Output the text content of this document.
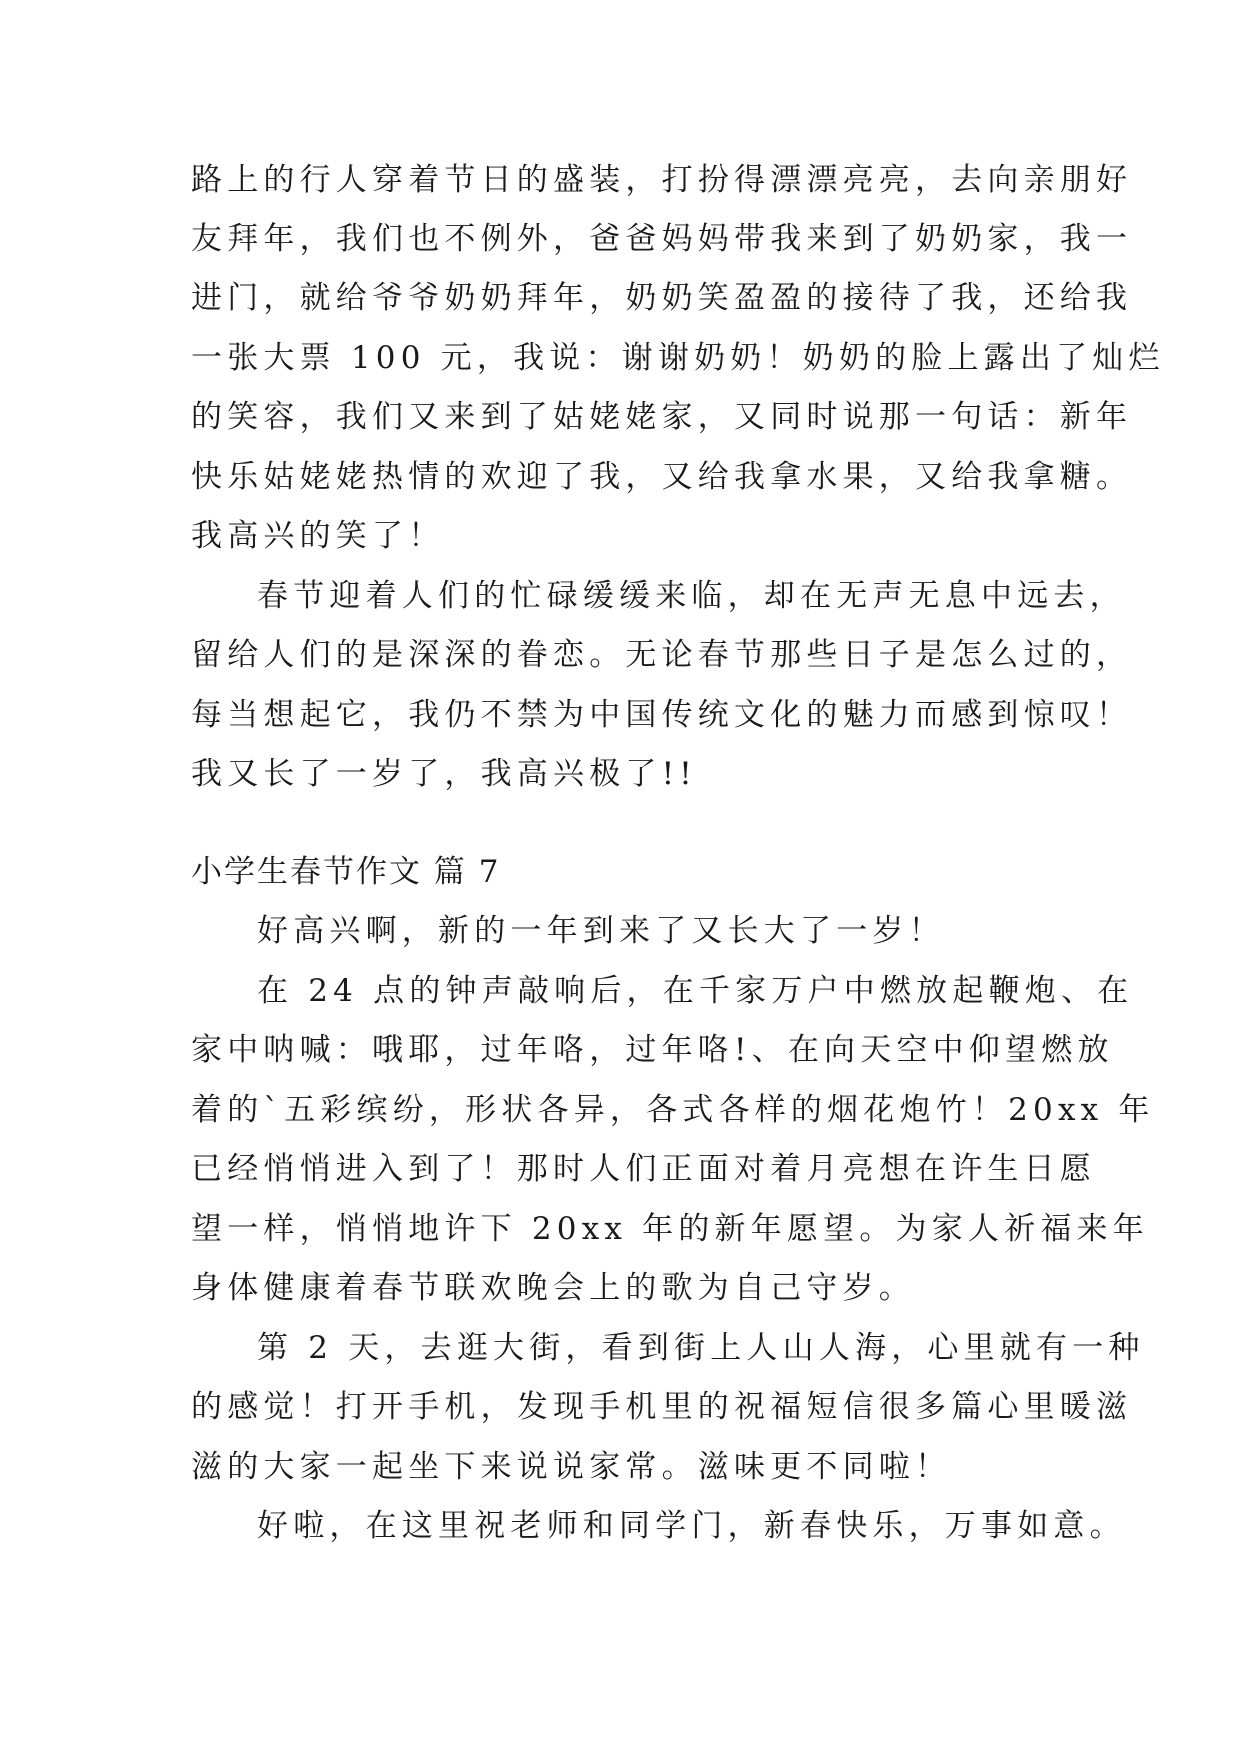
路上的行人穿着节日的盛装，打扮得漂漂亮亮，去向亲朋好
友拜年，我们也不例外，爸爸妈妈带我来到了奶奶家，我一
进门，就给爷爷奶奶拜年，奶奶笑盈盈的接待了我，还给我
一张大票 100 元，我说：谢谢奶奶！奶奶的脸上露出了灿烂
的笑容，我们又来到了姑姥姥家，又同时说那一句话：新年
快乐姑姥姥热情的欢迎了我，又给我拿水果，又给我拿糖。
我高兴的笑了！
春节迎着人们的忙碌缓缓来临，却在无声无息中远去，
留给人们的是深深的眷恋。无论春节那些日子是怎么过的，
每当想起它，我仍不禁为中国传统文化的魅力而感到惊叹！
我又长了一岁了，我高兴极了!!
小学生春节作文 篇 7
好高兴啊，新的一年到来了又长大了一岁！
在 24 点的钟声敲响后，在千家万户中燃放起鞭炮、在
家中呐喊：哦耶，过年咯，过年咯!、在向天空中仰望燃放
着的`五彩缤纷，形状各异，各式各样的烟花炮竹！20xx 年
已经悄悄进入到了！那时人们正面对着月亮想在许生日愿
望一样，悄悄地许下 20xx 年的新年愿望。为家人祈福来年
身体健康着春节联欢晚会上的歌为自己守岁。
第 2 天，去逛大街，看到街上人山人海，心里就有一种
的感觉！打开手机，发现手机里的祝福短信很多篇心里暖滋
滋的大家一起坐下来说说家常。滋味更不同啦！
好啦，在这里祝老师和同学门，新春快乐，万事如意。
